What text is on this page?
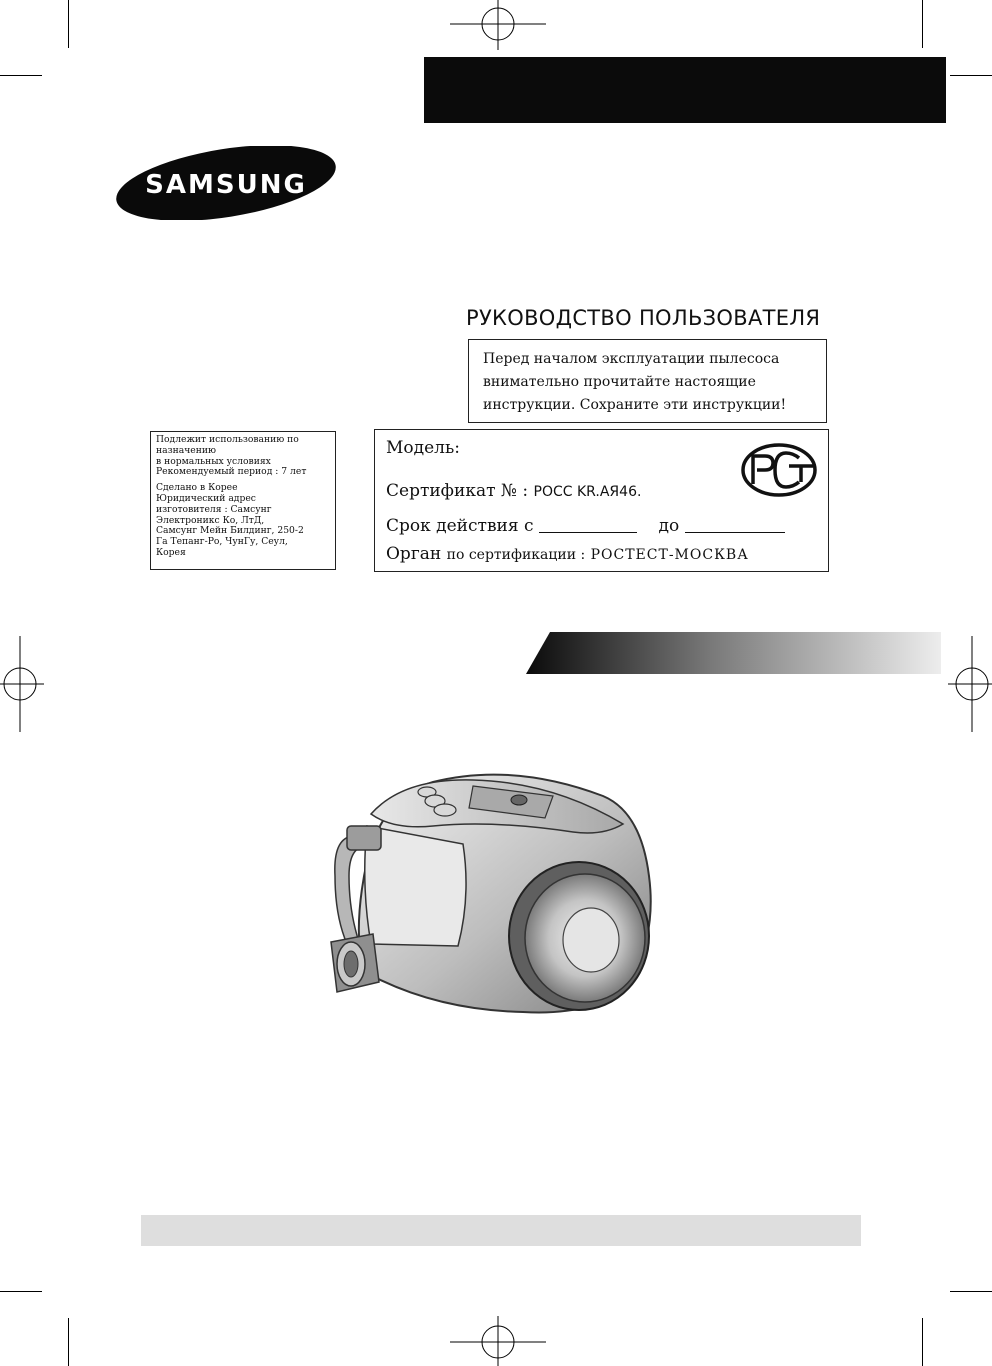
SAMSUNG
РУКОВОДСТВО ПОЛЬЗОВАТЕЛЯ
Перед началом эксплуатации пылесоса
внимательно прочитайте настоящие
инструкции. Сохраните эти инструкции!
Подлежит использованию по
назначению
в нормальных условиях
Рекомендуемый период : 7 лет
Сделано в Корее
Юридический адрес
изготовителя : Самсунг
Электроникс Ко, ЛтД,
Самсунг Мейн Билдинг, 250-2
Га Тепанг-Ро, ЧунГу, Сеул,
Корея
Модель:
Сертификат № : РОСС KR.АЯ46.
Срок действия с	до
Орган по сертификации : РОСТЕСТ-МОСКВА
